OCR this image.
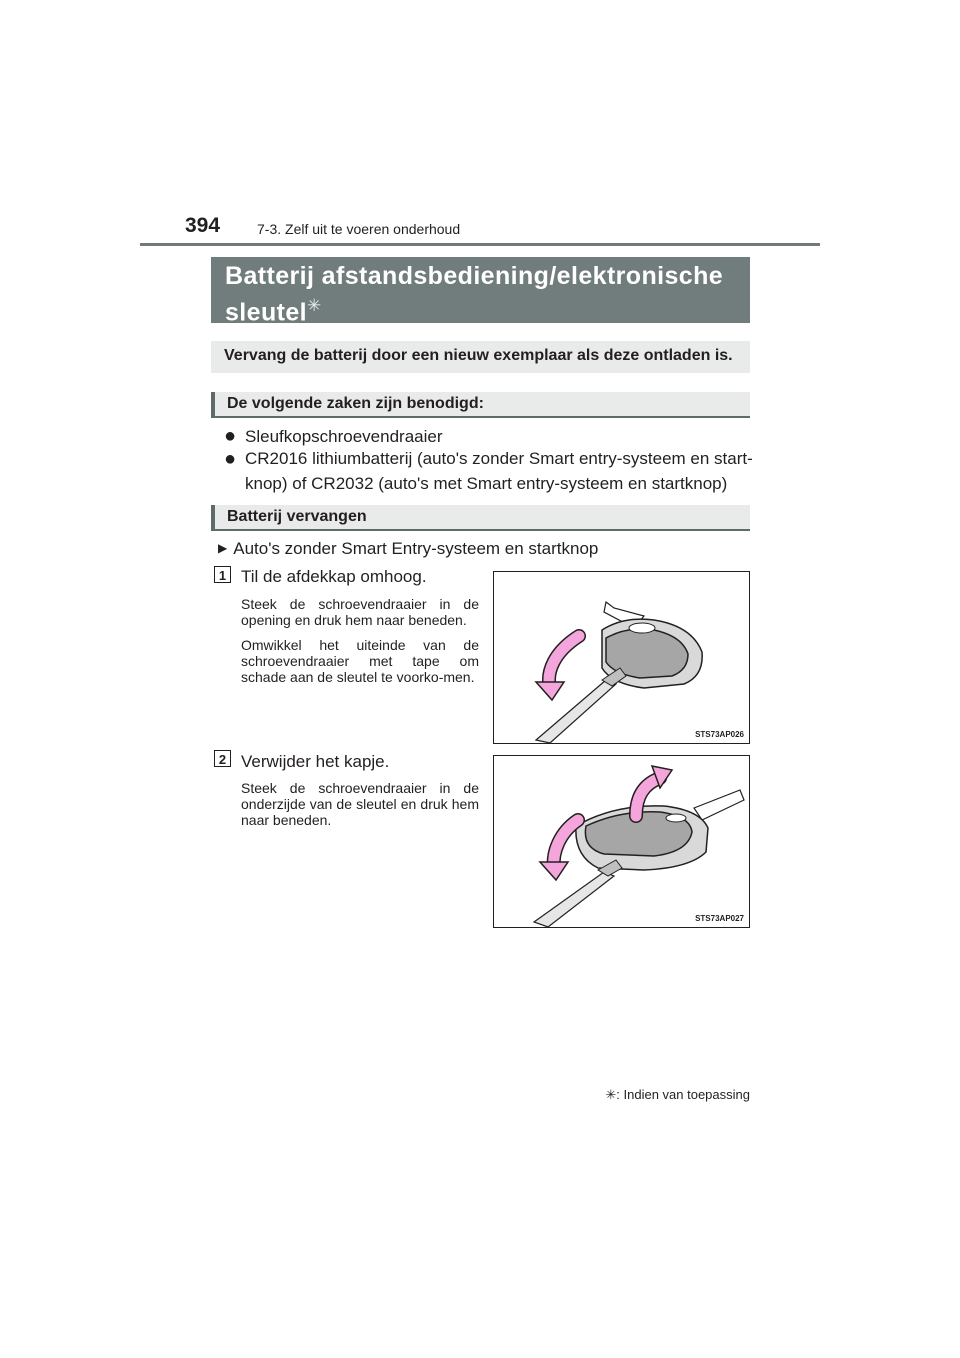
394	7-3. Zelf uit te voeren onderhoud
Batterij afstandsbediening/elektronische sleutel✳
Vervang de batterij door een nieuw exemplaar als deze ontladen is.
De volgende zaken zijn benodigd:
● Sleufkopschroevendraaier
● CR2016 lithiumbatterij (auto's zonder Smart entry-systeem en start-knop) of CR2032 (auto's met Smart entry-systeem en startknop)
Batterij vervangen
▶ Auto's zonder Smart Entry-systeem en startknop
1 Til de afdekkap omhoog.

Steek de schroevendraaier in de opening en druk hem naar beneden.

Omwikkel het uiteinde van de schroevendraaier met tape om schade aan de sleutel te voorko-men.

STS73AP026
2 Verwijder het kapje.

Steek de schroevendraaier in de onderzijde van de sleutel en druk hem naar beneden.

STS73AP027
✳: Indien van toepassing
